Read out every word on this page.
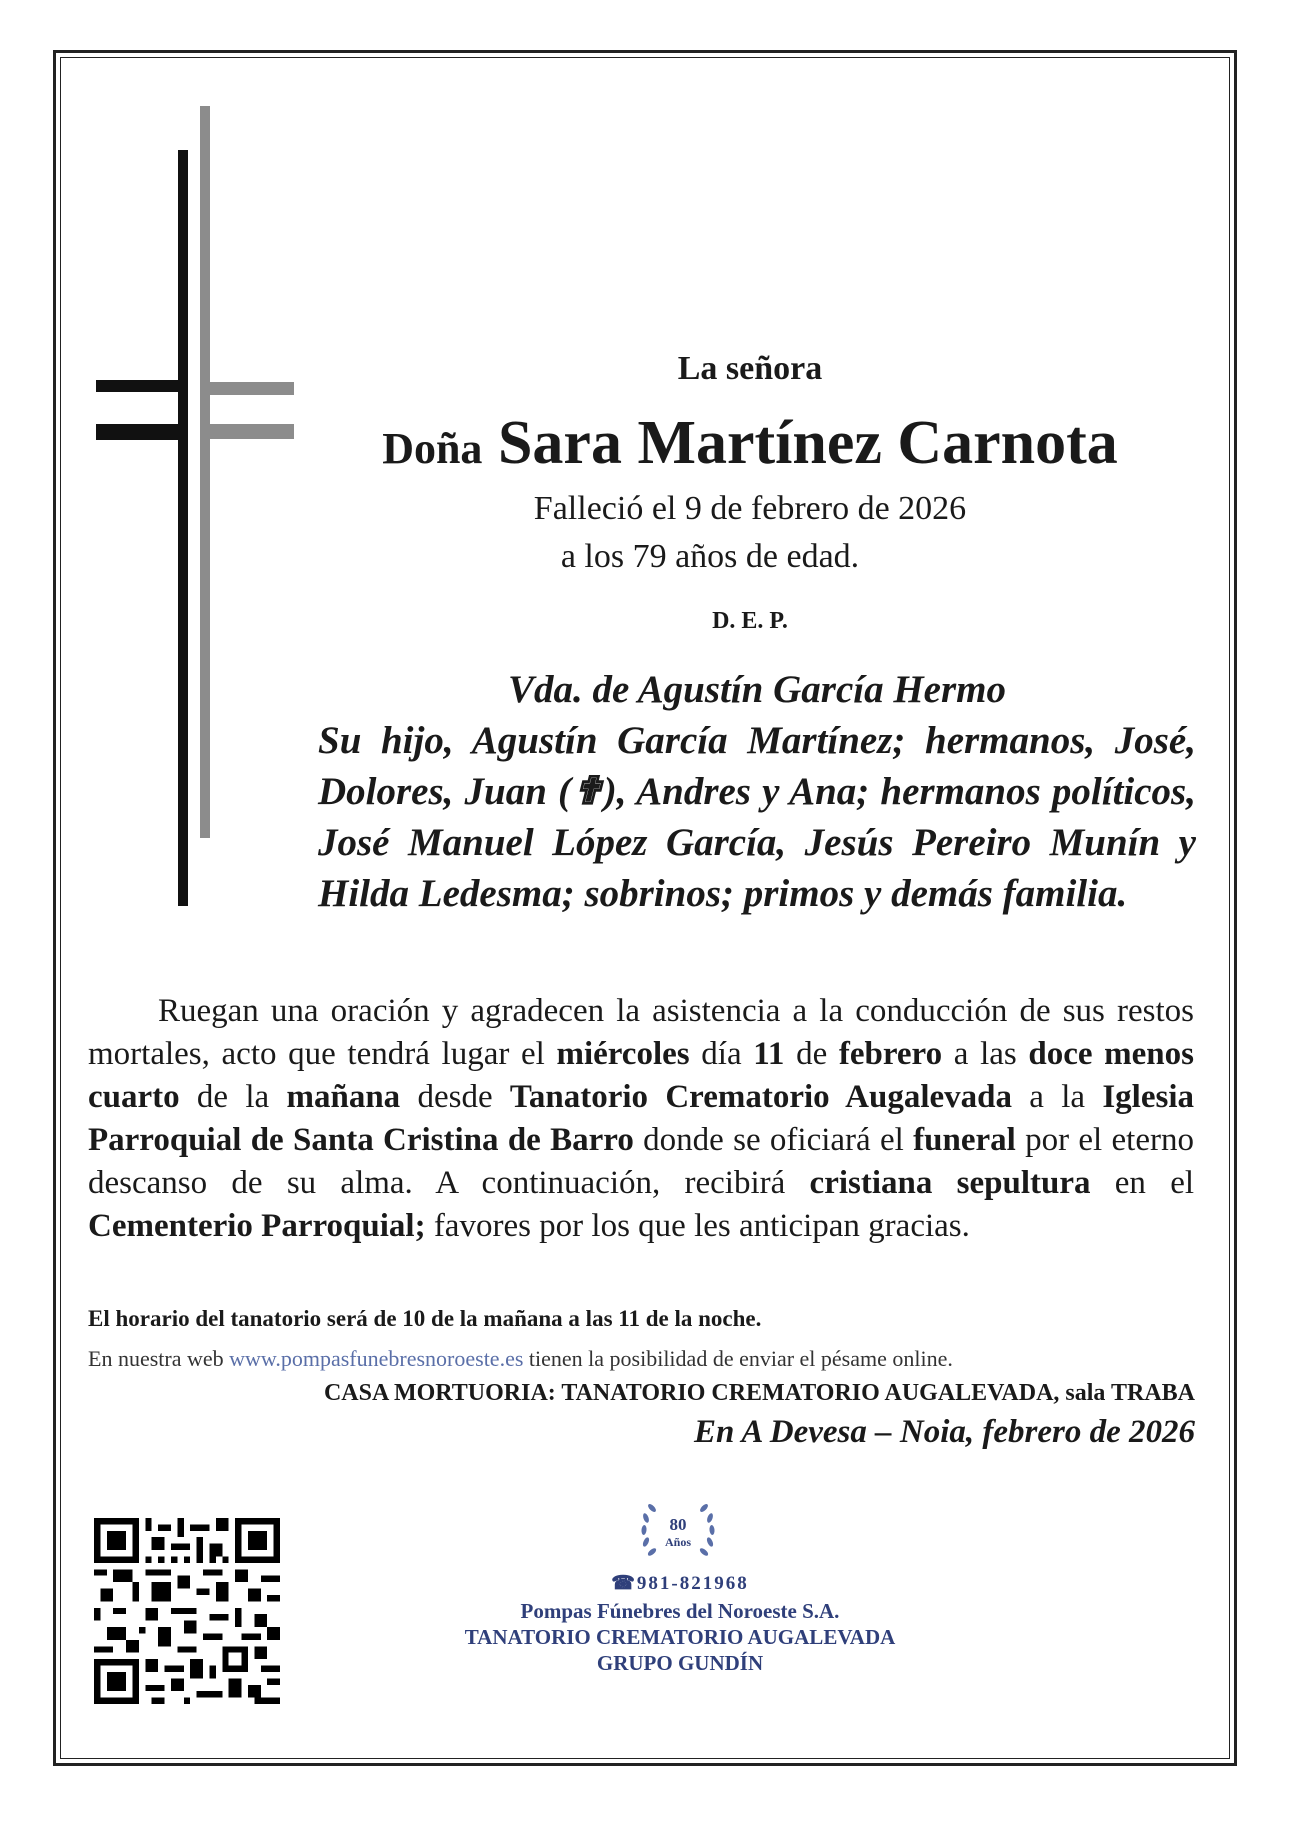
La señora
Doña Sara Martínez Carnota
Falleció el 9 de febrero de 2026
a los 79 años de edad.
D. E. P.
Vda. de Agustín García Hermo
Su hijo, Agustín García Martínez; hermanos, José, Dolores, Juan (✟), Andres y Ana; hermanos políticos, José Manuel López García, Jesús Pereiro Munín y Hilda Ledesma; sobrinos; primos y demás familia.
Ruegan una oración y agradecen la asistencia a la conducción de sus restos mortales, acto que tendrá lugar el miércoles día 11 de febrero a las doce menos cuarto de la mañana desde Tanatorio Crematorio Augalevada a la Iglesia Parroquial de Santa Cristina de Barro donde se oficiará el funeral por el eterno descanso de su alma. A continuación, recibirá cristiana sepultura en el Cementerio Parroquial; favores por los que les anticipan gracias.
El horario del tanatorio será de 10 de la mañana a las 11 de la noche.
En nuestra web www.pompasfunebresnoroeste.es tienen la posibilidad de enviar el pésame online.
CASA MORTUORIA: TANATORIO CREMATORIO AUGALEVADA, sala TRABA
En A Devesa – Noia, febrero de 2026
80
Años
☎981-821968
Pompas Fúnebres del Noroeste S.A.
TANATORIO CREMATORIO AUGALEVADA
GRUPO GUNDÍN
